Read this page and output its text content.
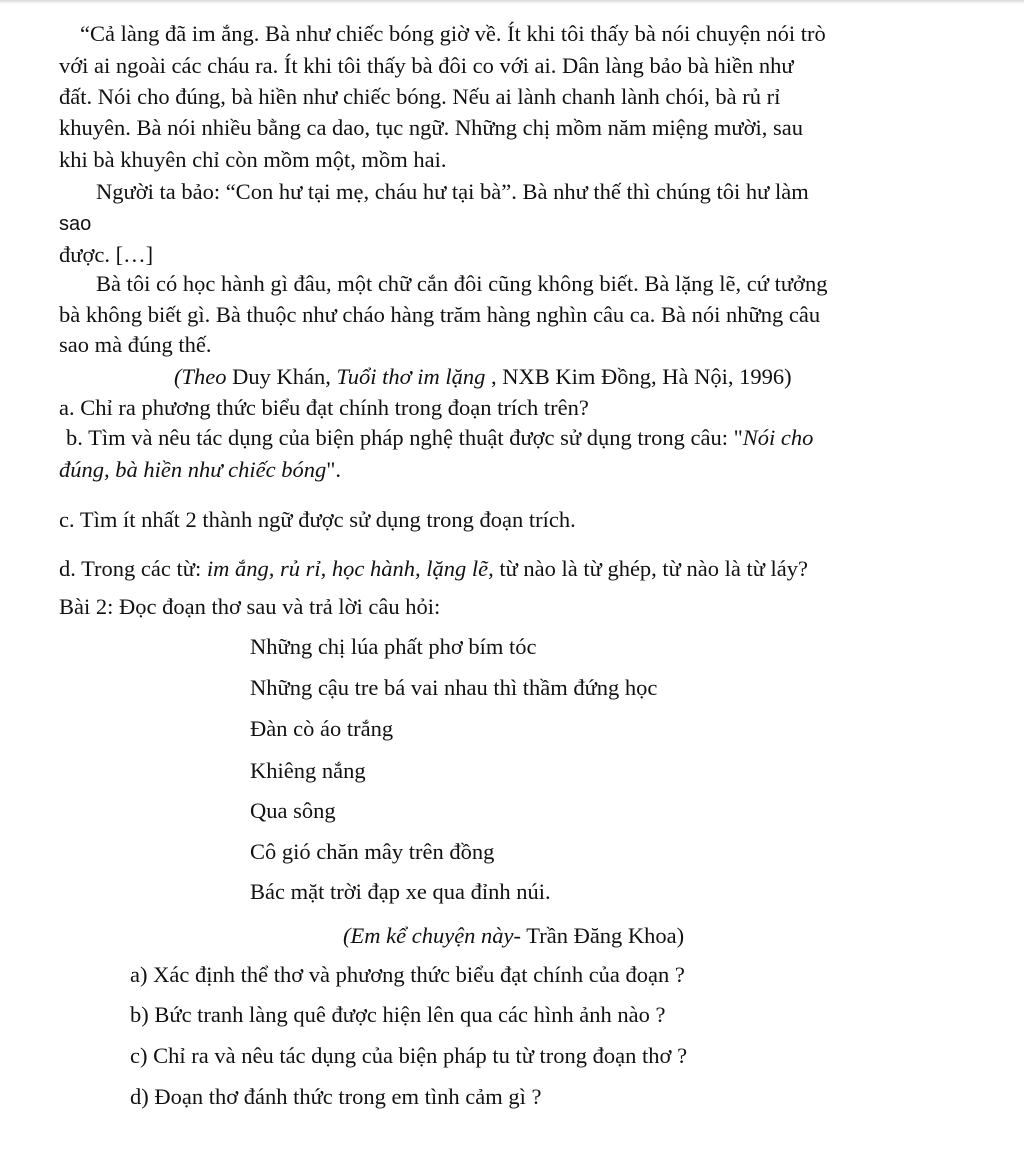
“Cả làng đã im ắng. Bà như chiếc bóng giờ về. Ít khi tôi thấy bà nói chuyện nói trò

với ai ngoài các cháu ra. Ít khi tôi thấy bà đôi co với ai. Dân làng bảo bà hiền như

đất. Nói cho đúng, bà hiền như chiếc bóng. Nếu ai lành chanh lành chói, bà rủ rỉ

khuyên. Bà nói nhiều bằng ca dao, tục ngữ. Những chị mồm năm miệng mười, sau

khi bà khuyên chỉ còn mồm một, mồm hai.

Người ta bảo: “Con hư tại mẹ, cháu hư tại bà”. Bà như thế thì chúng tôi hư làm

sao

được. […]

Bà tôi có học hành gì đâu, một chữ cắn đôi cũng không biết. Bà lặng lẽ, cứ tưởng

bà không biết gì. Bà thuộc như cháo hàng trăm hàng nghìn câu ca. Bà nói những câu

sao mà đúng thế.

(Theo Duy Khán, Tuổi thơ im lặng , NXB Kim Đồng, Hà Nội, 1996)

a. Chỉ ra phương thức biểu đạt chính trong đoạn trích trên?

b. Tìm và nêu tác dụng của biện pháp nghệ thuật được sử dụng trong câu: "Nói cho

đúng, bà hiền như chiếc bóng".

c. Tìm ít nhất 2 thành ngữ được sử dụng trong đoạn trích.

d. Trong các từ: im ắng, rủ rỉ, học hành, lặng lẽ, từ nào là từ ghép, từ nào là từ láy?

Bài 2: Đọc đoạn thơ sau và trả lời câu hỏi:

Những chị lúa phất phơ bím tóc

Những cậu tre bá vai nhau thì thầm đứng học

Đàn cò áo trắng

Khiêng nắng

Qua sông

Cô gió chăn mây trên đồng

Bác mặt trời đạp xe qua đỉnh núi.

(Em kể chuyện này- Trần Đăng Khoa)

a) Xác định thể thơ và phương thức biểu đạt chính của đoạn ?

b) Bức tranh làng quê được hiện lên qua các hình ảnh nào ?

c) Chỉ ra và nêu tác dụng của biện pháp tu từ trong đoạn thơ ?

d) Đoạn thơ đánh thức trong em tình cảm gì ?
